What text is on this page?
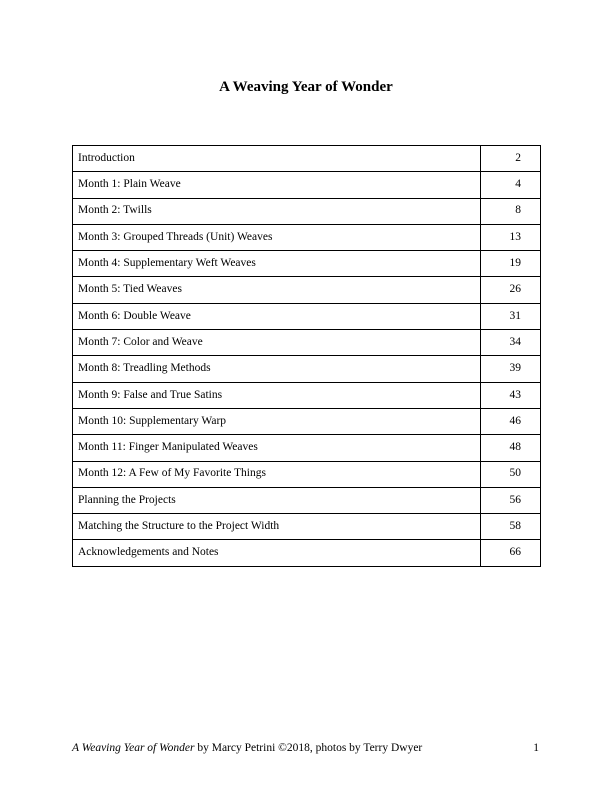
A Weaving Year of Wonder
Introduction	2
Month 1: Plain Weave	4
Month 2: Twills	8
Month 3: Grouped Threads (Unit) Weaves	13
Month 4: Supplementary Weft Weaves	19
Month 5: Tied Weaves	26
Month 6: Double Weave	31
Month 7: Color and Weave	34
Month 8: Treadling Methods	39
Month 9: False and True Satins	43
Month 10: Supplementary Warp	46
Month 11: Finger Manipulated Weaves	48
Month 12: A Few of My Favorite Things	50
Planning the Projects	56
Matching the Structure to the Project Width	58
Acknowledgements and Notes	66
A Weaving Year of Wonder by Marcy Petrini ©2018, photos by Terry Dwyer	1
